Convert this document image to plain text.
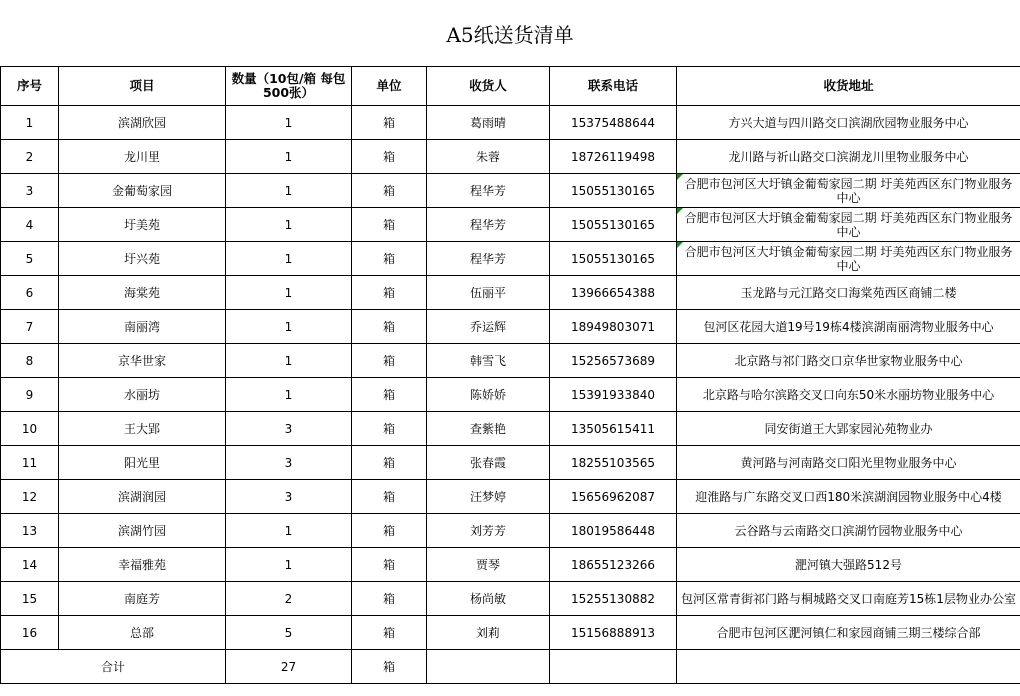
A5纸送货清单
序号	项目	数量（10包/箱 每包500张）	单位	收货人	联系电话	收货地址
1	滨湖欣园	1	箱	葛雨晴	15375488644	方兴大道与四川路交口滨湖欣园物业服务中心
2	龙川里	1	箱	朱蓉	18726119498	龙川路与祈山路交口滨湖龙川里物业服务中心
3	金葡萄家园	1	箱	程华芳	15055130165	合肥市包河区大圩镇金葡萄家园二期 圩美苑西区东门物业服务中心
4	圩美苑	1	箱	程华芳	15055130165	合肥市包河区大圩镇金葡萄家园二期 圩美苑西区东门物业服务中心
5	圩兴苑	1	箱	程华芳	15055130165	合肥市包河区大圩镇金葡萄家园二期 圩美苑西区东门物业服务中心
6	海棠苑	1	箱	伍丽平	13966654388	玉龙路与元江路交口海棠苑西区商铺二楼
7	南丽湾	1	箱	乔运辉	18949803071	包河区花园大道19号19栋4楼滨湖南丽湾物业服务中心
8	京华世家	1	箱	韩雪飞	15256573689	北京路与祁门路交口京华世家物业服务中心
9	水丽坊	1	箱	陈娇娇	15391933840	北京路与哈尔滨路交叉口向东50米水丽坊物业服务中心
10	王大郢	3	箱	查紫艳	13505615411	同安街道王大郢家园沁苑物业办
11	阳光里	3	箱	张春霞	18255103565	黄河路与河南路交口阳光里物业服务中心
12	滨湖润园	3	箱	汪梦婷	15656962087	迎淮路与广东路交叉口西180米滨湖润园物业服务中心4楼
13	滨湖竹园	1	箱	刘芳芳	18019586448	云谷路与云南路交口滨湖竹园物业服务中心
14	幸福雅苑	1	箱	贾琴	18655123266	淝河镇大强路512号
15	南庭芳	2	箱	杨尚敏	15255130882	包河区常青街祁门路与桐城路交叉口南庭芳15栋1层物业办公室
16	总部	5	箱	刘莉	15156888913	合肥市包河区淝河镇仁和家园商铺三期三楼综合部
合计		27	箱			
